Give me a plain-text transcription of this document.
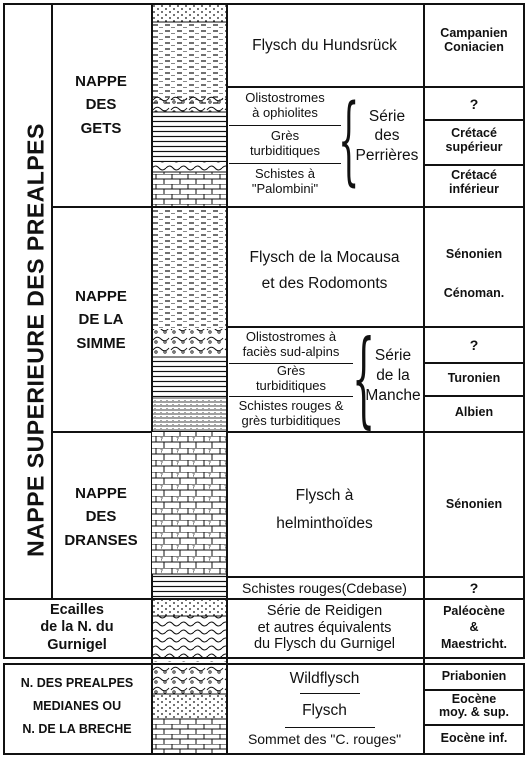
NAPPE SUPERIEURE DES PREALPES
NAPPE
DES
GETS
NAPPE
DE LA
SIMME
NAPPE
DES
DRANSES
Ecailles
de la N. du
Gurnigel
N. DES PREALPES
MEDIANES OU
N. DE LA BRECHE
Flysch du Hundsrück
Olistostromes
à ophiolites
Grès
turbiditiques
Schistes à
"Palombini" { Série
des
Perrières
Flysch de la Mocausa
et des Rodomonts
Olistostromes à
faciès sud-alpins
Grès
turbiditiques
Schistes rouges &
grès turbiditiques { Série
de la
Manche
Flysch à
helminthoïdes
Schistes rouges(Cdebase)
Série de Reidigen
et autres équivalents
du Flysch du Gurnigel
Wildflysch
Flysch
Sommet des "C. rouges"
Campanien
Coniacien
?
Crétacé
supérieur
Crétacé
inférieur
Sénonien
Cénoman.
?
Turonien
Albien
Sénonien
?
Paléocène
&
Maestricht.
Priabonien
Eocène
moy. & sup.
Eocène inf.
